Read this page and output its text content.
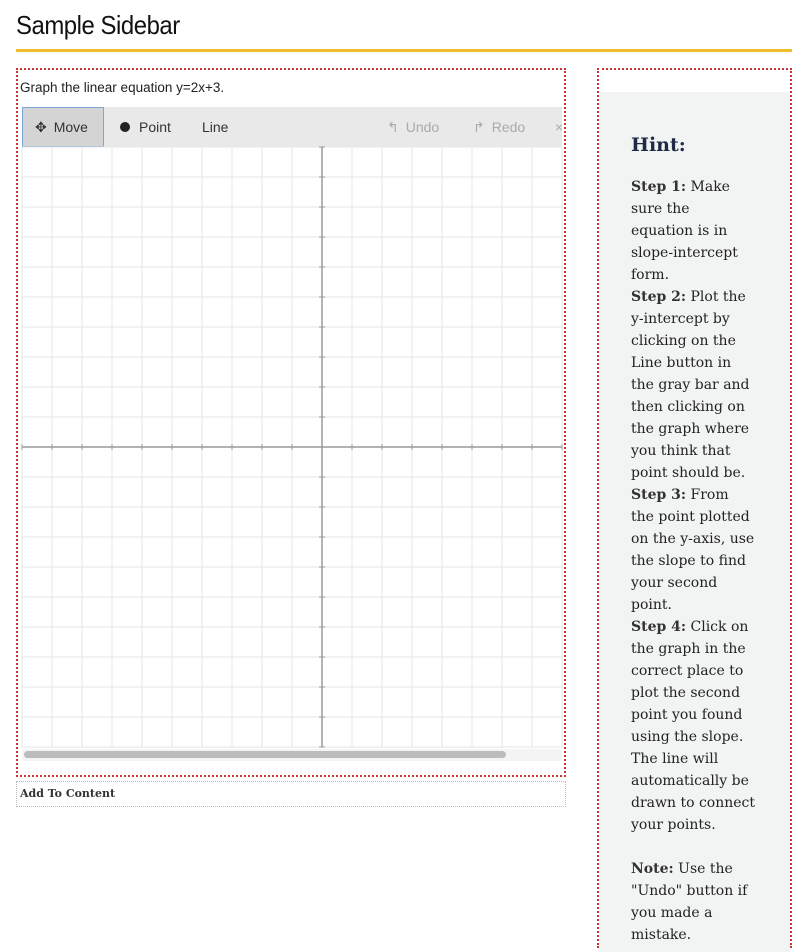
Sample Sidebar
Graph the linear equation y=2x+3.
✥ Move	Point Line	↰ Undo ↱ Redo ×
Add To Content
Hint:

Step 1: Make sure the equation is in slope-intercept form.

Step 2: Plot the y-intercept by clicking on the Line button in the gray bar and then clicking on the graph where you think that point should be.

Step 3: From the point plotted on the y-axis, use the slope to find your second point.

Step 4: Click on the graph in the correct place to plot the second point you found using the slope. The line will automatically be drawn to connect your points.

Note: Use the "Undo" button if you made a mistake.
